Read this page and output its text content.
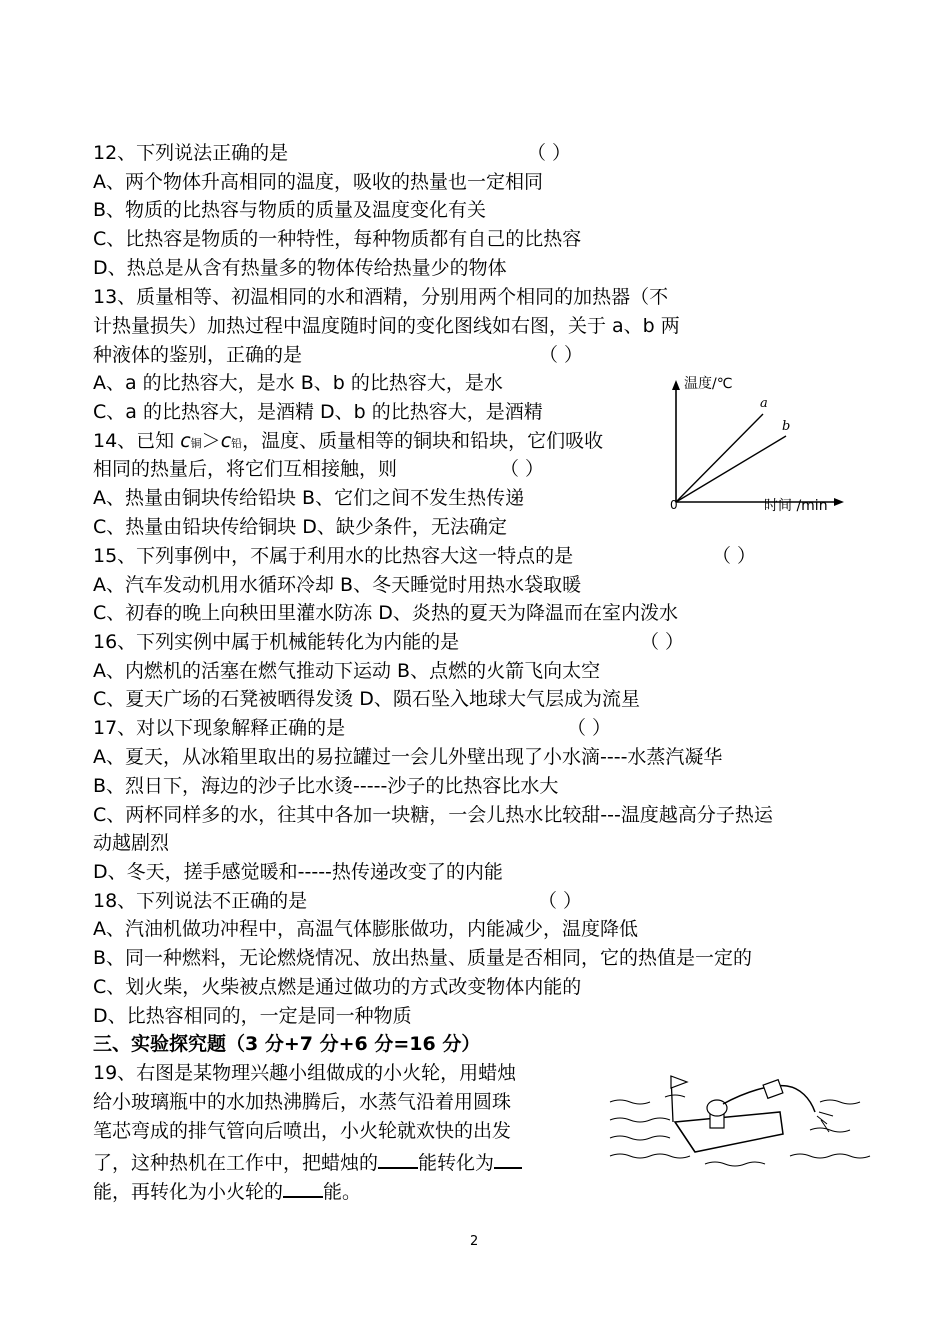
12、下列说法正确的是	（ ）
A、两个物体升高相同的温度，吸收的热量也一定相同
B、物质的比热容与物质的质量及温度变化有关
C、比热容是物质的一种特性，每种物质都有自己的比热容
D、热总是从含有热量多的物体传给热量少的物体
13、质量相等、初温相同的水和酒精，分别用两个相同的加热器（不
计热量损失）加热过程中温度随时间的变化图线如右图，关于 a、b 两
种液体的鉴别，正确的是	（ ）
A、a 的比热容大，是水 B、b 的比热容大，是水
C、a 的比热容大，是酒精 D、b 的比热容大，是酒精
温度/℃
a
b
0	时间 /min
14、已知 c铜＞c铅，温度、质量相等的铜块和铅块，它们吸收
相同的热量后，将它们互相接触，则	（ ）
A、热量由铜块传给铅块 B、它们之间不发生热传递
C、热量由铅块传给铜块 D、缺少条件，无法确定
15、下列事例中，不属于利用水的比热容大这一特点的是	（ ）
A、汽车发动机用水循环冷却 B、冬天睡觉时用热水袋取暖
C、初春的晚上向秧田里灌水防冻 D、炎热的夏天为降温而在室内泼水
16、下列实例中属于机械能转化为内能的是	（ ）
A、内燃机的活塞在燃气推动下运动 B、点燃的火箭飞向太空
C、夏天广场的石凳被晒得发烫 D、陨石坠入地球大气层成为流星
17、对以下现象解释正确的是	（ ）
A、夏天，从冰箱里取出的易拉罐过一会儿外壁出现了小水滴----水蒸汽凝华
B、烈日下，海边的沙子比水烫-----沙子的比热容比水大
C、两杯同样多的水，往其中各加一块糖，一会儿热水比较甜---温度越高分子热运
动越剧烈
D、冬天，搓手感觉暖和-----热传递改变了的内能
18、下列说法不正确的是	（ ）
A、汽油机做功冲程中，高温气体膨胀做功，内能减少，温度降低
B、同一种燃料，无论燃烧情况、放出热量、质量是否相同，它的热值是一定的
C、划火柴，火柴被点燃是通过做功的方式改变物体内能的
D、比热容相同的，一定是同一种物质
三、实验探究题（3 分+7 分+6 分=16 分）
19、右图是某物理兴趣小组做成的小火轮，用蜡烛
给小玻璃瓶中的水加热沸腾后，水蒸气沿着用圆珠
笔芯弯成的排气管向后喷出，小火轮就欢快的出发
了，这种热机在工作中，把蜡烛的 能转化为
能，再转化为小火轮的 能。
2
